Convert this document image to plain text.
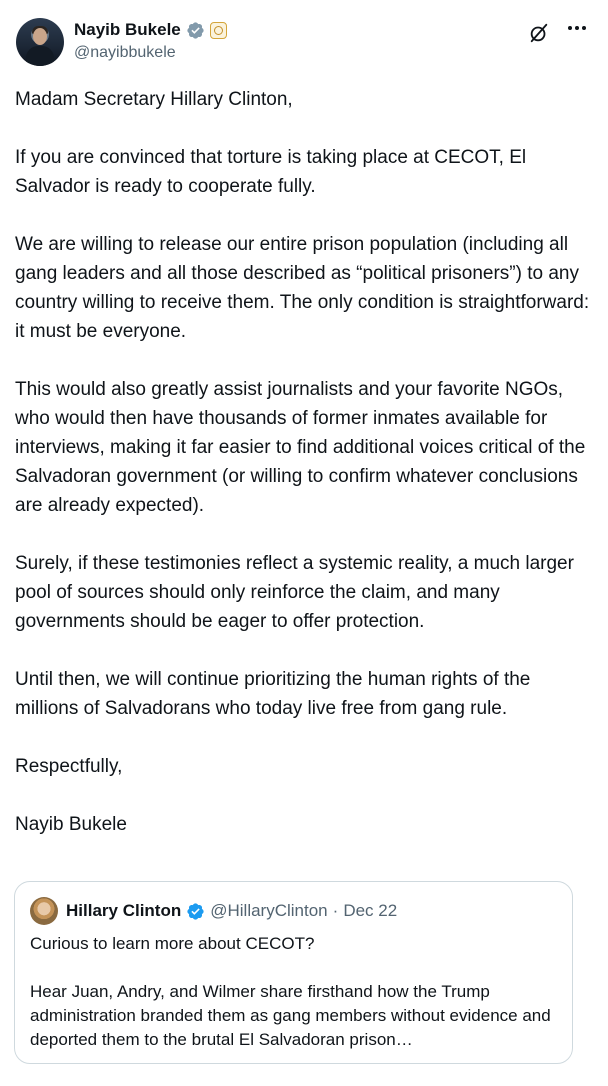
Nayib Bukele
@nayibbukele

Madam Secretary Hillary Clinton,

If you are convinced that torture is taking place at CECOT, El Salvador is ready to cooperate fully.

We are willing to release our entire prison population (including all gang leaders and all those described as “political prisoners”) to any country willing to receive them. The only condition is straightforward: it must be everyone.

This would also greatly assist journalists and your favorite NGOs, who would then have thousands of former inmates available for interviews, making it far easier to find additional voices critical of the Salvadoran government (or willing to confirm whatever conclusions are already expected).

Surely, if these testimonies reflect a systemic reality, a much larger pool of sources should only reinforce the claim, and many governments should be eager to offer protection.

Until then, we will continue prioritizing the human rights of the millions of Salvadorans who today live free from gang rule.

Respectfully,

Nayib Bukele

Hillary Clinton @HillaryClinton · Dec 22

Curious to learn more about CECOT?

Hear Juan, Andry, and Wilmer share firsthand how the Trump administration branded them as gang members without evidence and deported them to the brutal El Salvadoran prison…
